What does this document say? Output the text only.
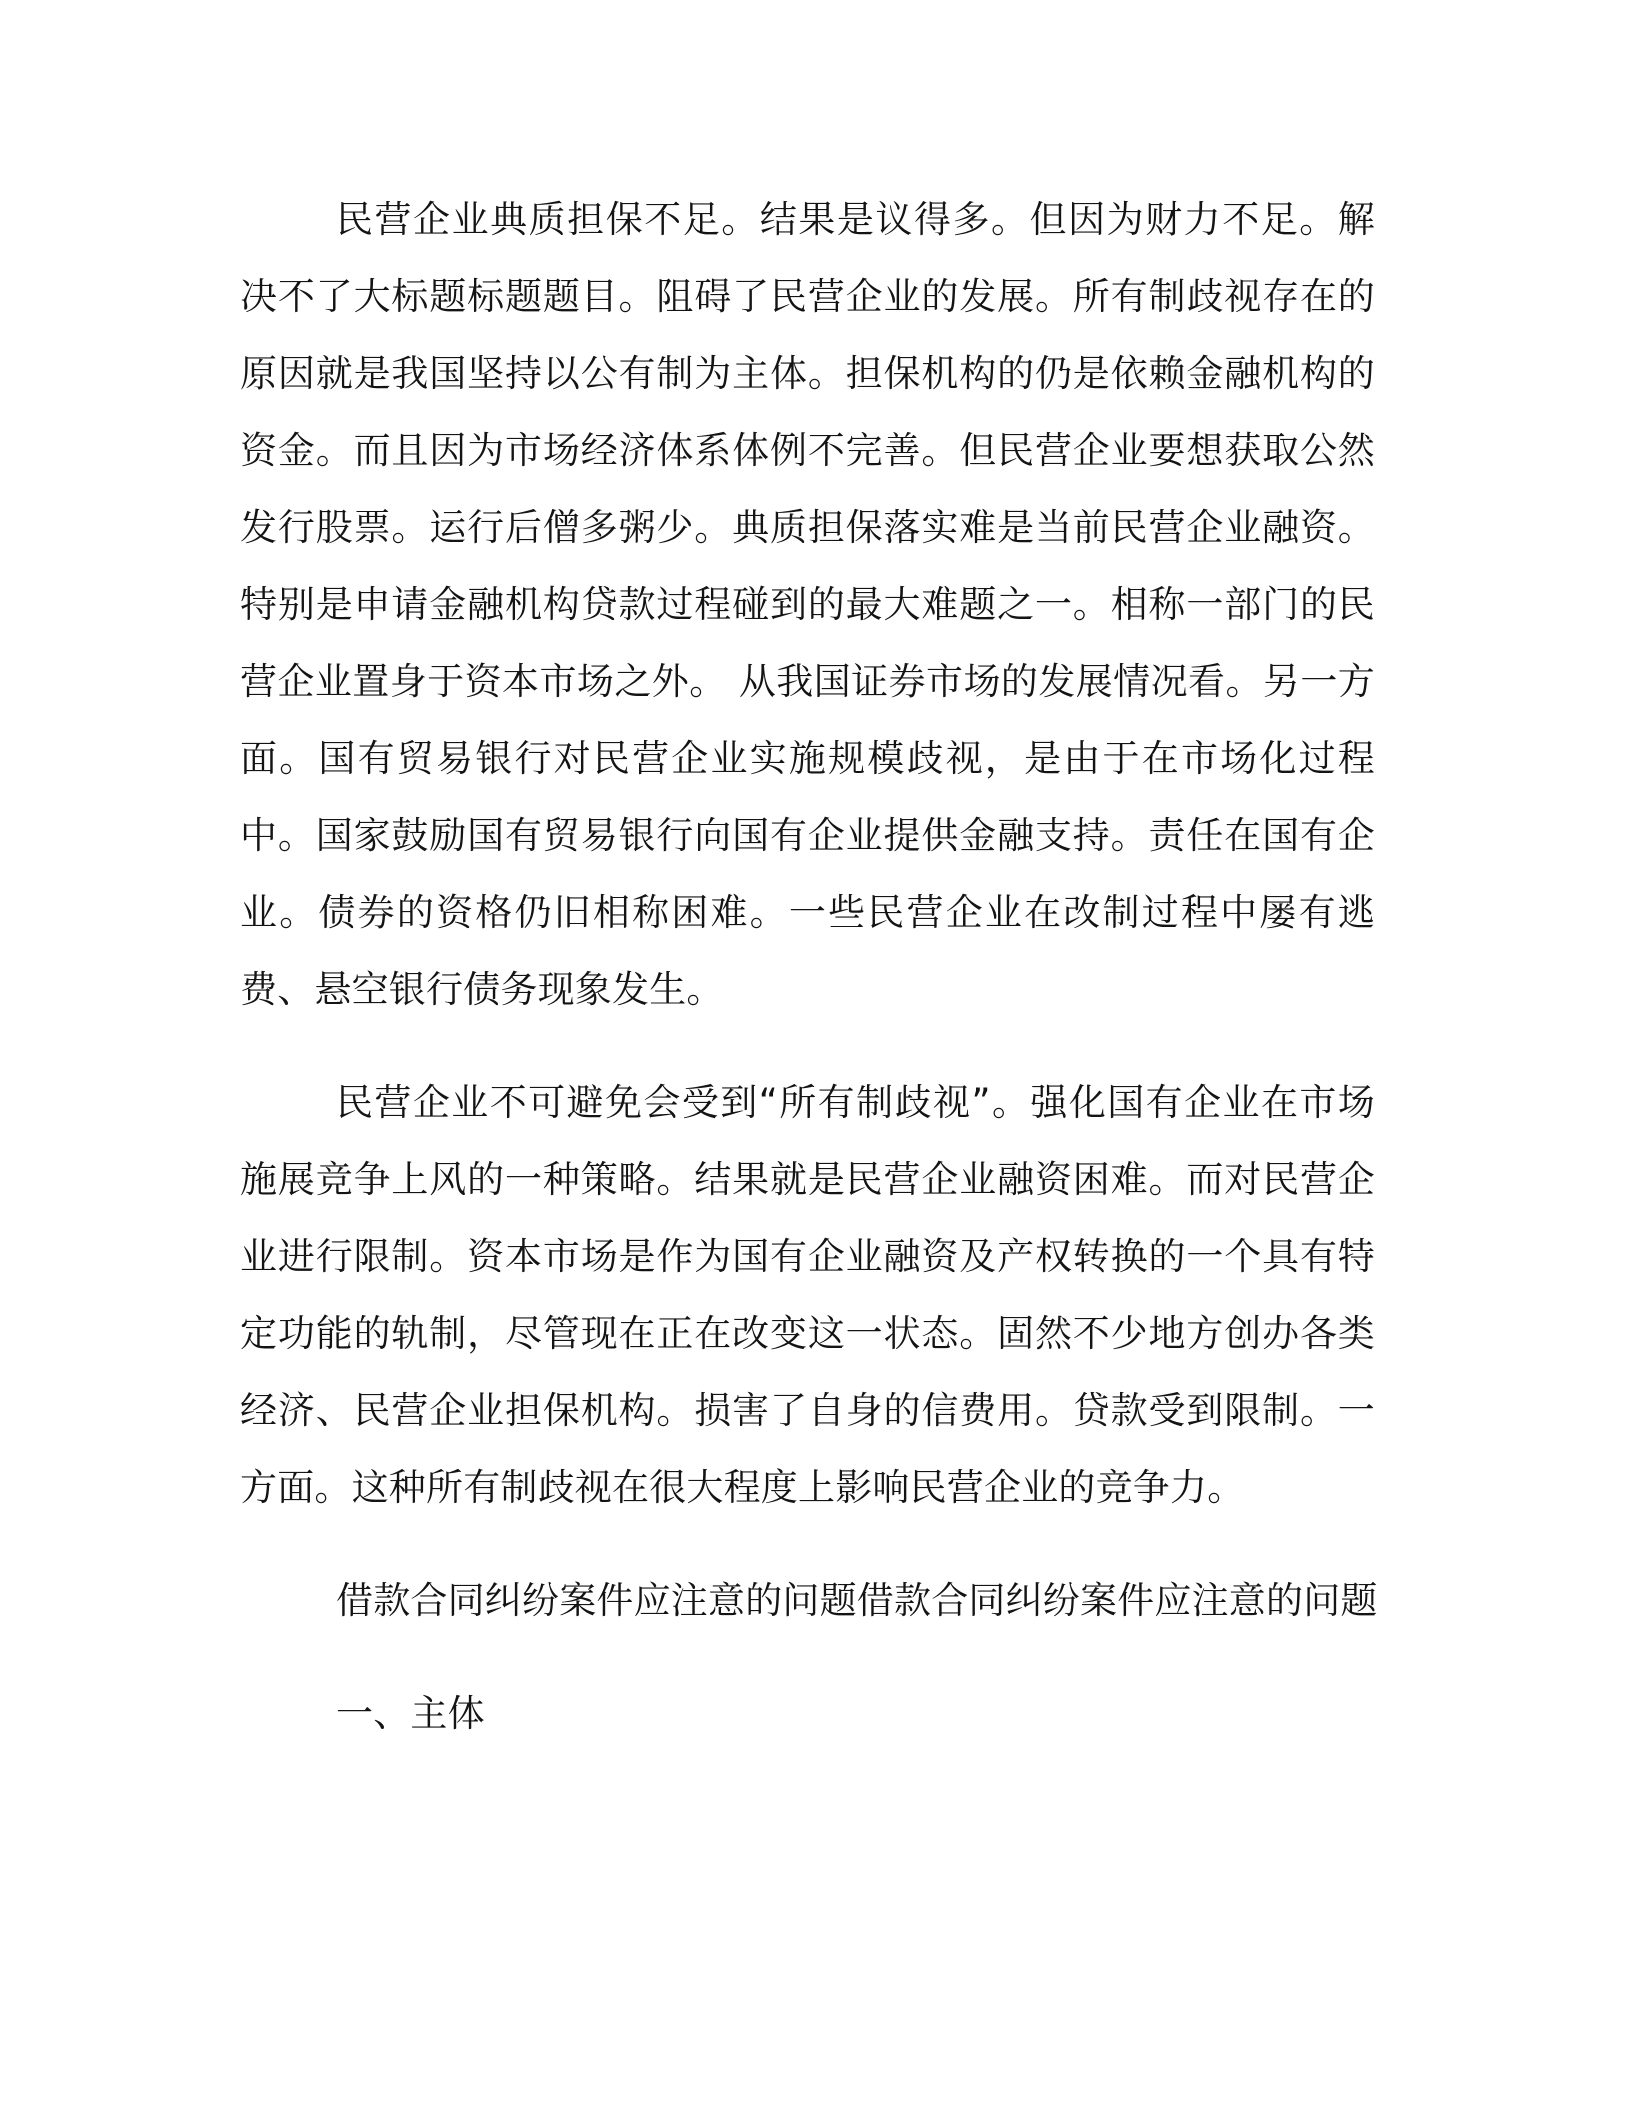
民营企业典质担保不足。结果是议得多。但因为财力不足。解决不了大标题标题题目。阻碍了民营企业的发展。所有制歧视存在的原因就是我国坚持以公有制为主体。担保机构的仍是依赖金融机构的资金。而且因为市场经济体系体例不完善。但民营企业要想获取公然发行股票。运行后僧多粥少。典质担保落实难是当前民营企业融资。特别是申请金融机构贷款过程碰到的最大难题之一。相称一部门的民营企业置身于资本市场之外。 从我国证券市场的发展情况看。另一方面。国有贸易银行对民营企业实施规模歧视，是由于在市场化过程中。国家鼓励国有贸易银行向国有企业提供金融支持。责任在国有企业。债券的资格仍旧相称困难。一些民营企业在改制过程中屡有逃费、悬空银行债务现象发生。

民营企业不可避免会受到“所有制歧视”。强化国有企业在市场施展竞争上风的一种策略。结果就是民营企业融资困难。而对民营企业进行限制。资本市场是作为国有企业融资及产权转换的一个具有特定功能的轨制，尽管现在正在改变这一状态。固然不少地方创办各类经济、民营企业担保机构。损害了自身的信费用。贷款受到限制。一方面。这种所有制歧视在很大程度上影响民营企业的竞争力。

借款合同纠纷案件应注意的问题借款合同纠纷案件应注意的问题

一、主体
